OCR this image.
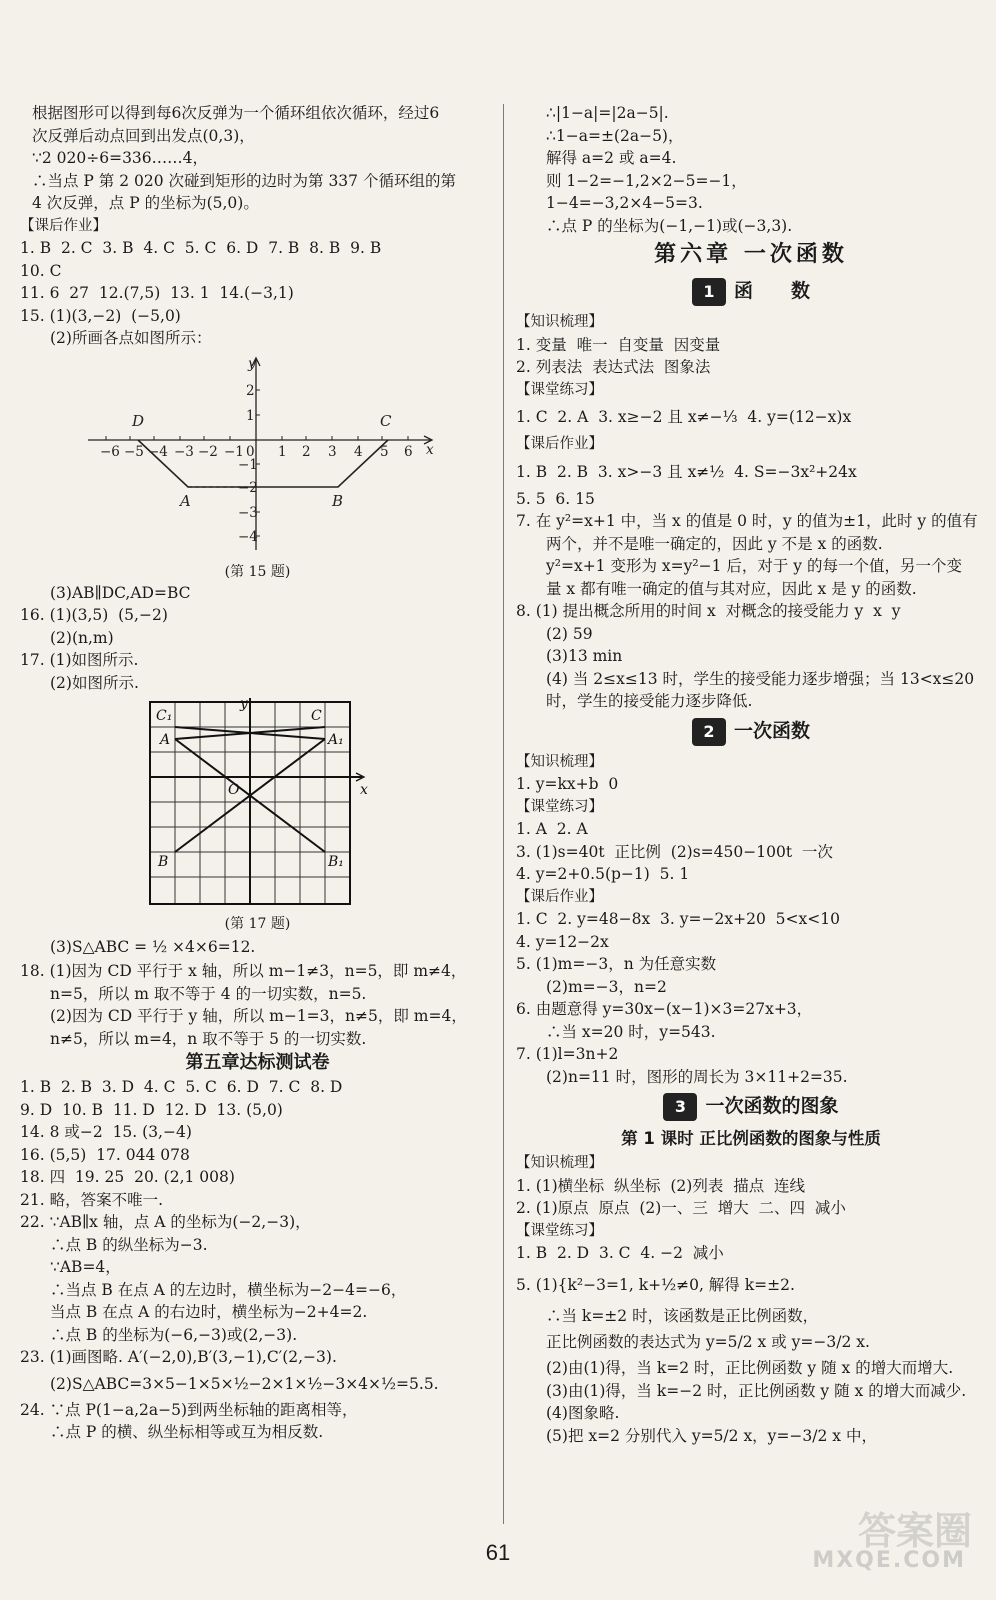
根据图形可以得到每6次反弹为一个循环组依次循环，经过6
次反弹后动点回到出发点(0,3)，
∵2 020÷6=336……4，
∴当点 P 第 2 020 次碰到矩形的边时为第 337 个循环组的第
4 次反弹，点 P 的坐标为(5,0)。
【课后作业】
1. B  2. C  3. B  4. C  5. C  6. D  7. B  8. B  9. B
10. C
11. 6  27  12.(7,5)  13. 1  14.(−3,1)
15. (1)(3,−2)  (−5,0)
(2)所画各点如图所示：
−6 −5 −4 −3 −2 −1 0 1 2 3 4 5 6
2
1
−1
−2
−3
−4
x
y
D	C
A	B
(第 15 题)
(3)AB∥DC,AD=BC
16. (1)(3,5)  (5,−2)
(2)(n,m)
17. (1)如图所示.
(2)如图所示.
C₁	C
A	A₁
O
B	B₁
x
y
(第 17 题)
(3)S△ABC = ½ ×4×6=12.
18. (1)因为 CD 平行于 x 轴，所以 m−1≠3，n=5，即 m≠4，
n=5，所以 m 取不等于 4 的一切实数，n=5.
(2)因为 CD 平行于 y 轴，所以 m−1=3，n≠5，即 m=4，
n≠5，所以 m=4，n 取不等于 5 的一切实数.
第五章达标测试卷
1. B  2. B  3. D  4. C  5. C  6. D  7. C  8. D
9. D  10. B  11. D  12. D  13. (5,0)
14. 8 或−2  15. (3,−4)
16. (5,5)  17. 044 078
18. 四  19. 25  20. (2,1 008)
21. 略，答案不唯一.
22. ∵AB∥x 轴，点 A 的坐标为(−2,−3)，
∴点 B 的纵坐标为−3.
∵AB=4，
∴当点 B 在点 A 的左边时，横坐标为−2−4=−6，
当点 B 在点 A 的右边时，横坐标为−2+4=2.
∴点 B 的坐标为(−6,−3)或(2,−3).
23. (1)画图略. A′(−2,0),B′(3,−1),C′(2,−3).
(2)S△ABC=3×5−1×5×½−2×1×½−3×4×½=5.5.
24. ∵点 P(1−a,2a−5)到两坐标轴的距离相等，
∴点 P 的横、纵坐标相等或互为相反数.
∴|1−a|=|2a−5|.
∴1−a=±(2a−5)，
解得 a=2 或 a=4.
则 1−2=−1,2×2−5=−1，
1−4=−3,2×4−5=3.
∴点 P 的坐标为(−1,−1)或(−3,3).
第六章 一次函数
1 函　　数
【知识梳理】
1. 变量  唯一  自变量  因变量
2. 列表法  表达式法  图象法
【课堂练习】
1. C  2. A  3. x≥−2 且 x≠−⅓  4. y=(12−x)x
【课后作业】
1. B  2. B  3. x>−3 且 x≠½  4. S=−3x²+24x
5. 5  6. 15
7. 在 y²=x+1 中，当 x 的值是 0 时，y 的值为±1，此时 y 的值有
两个，并不是唯一确定的，因此 y 不是 x 的函数.
y²=x+1 变形为 x=y²−1 后，对于 y 的每一个值，另一个变
量 x 都有唯一确定的值与其对应，因此 x 是 y 的函数.
8. (1) 提出概念所用的时间 x  对概念的接受能力 y  x  y
(2) 59
(3)13 min
(4) 当 2≤x≤13 时，学生的接受能力逐步增强；当 13<x≤20
时，学生的接受能力逐步降低.
2 一次函数
【知识梳理】
1. y=kx+b  0
【课堂练习】
1. A  2. A
3. (1)s=40t  正比例  (2)s=450−100t  一次
4. y=2+0.5(p−1)  5. 1
【课后作业】
1. C  2. y=48−8x  3. y=−2x+20  5<x<10
4. y=12−2x
5. (1)m=−3，n 为任意实数
(2)m=−3，n=2
6. 由题意得 y=30x−(x−1)×3=27x+3，
∴当 x=20 时，y=543.
7. (1)l=3n+2
(2)n=11 时，图形的周长为 3×11+2=35.
3 一次函数的图象
第 1 课时 正比例函数的图象与性质
【知识梳理】
1. (1)横坐标  纵坐标  (2)列表  描点  连线
2. (1)原点  原点  (2)一、三  增大  二、四  减小
【课堂练习】
1. B  2. D  3. C  4. −2  减小
5. (1){k²−3=1, k+½≠0, 解得 k=±2.
∴当 k=±2 时，该函数是正比例函数，
正比例函数的表达式为 y=5/2 x 或 y=−3/2 x.
(2)由(1)得，当 k=2 时，正比例函数 y 随 x 的增大而增大.
(3)由(1)得，当 k=−2 时，正比例函数 y 随 x 的增大而减少.
(4)图象略.
(5)把 x=2 分别代入 y=5/2 x，y=−3/2 x 中，
61	答案圈
MXQE.COM
